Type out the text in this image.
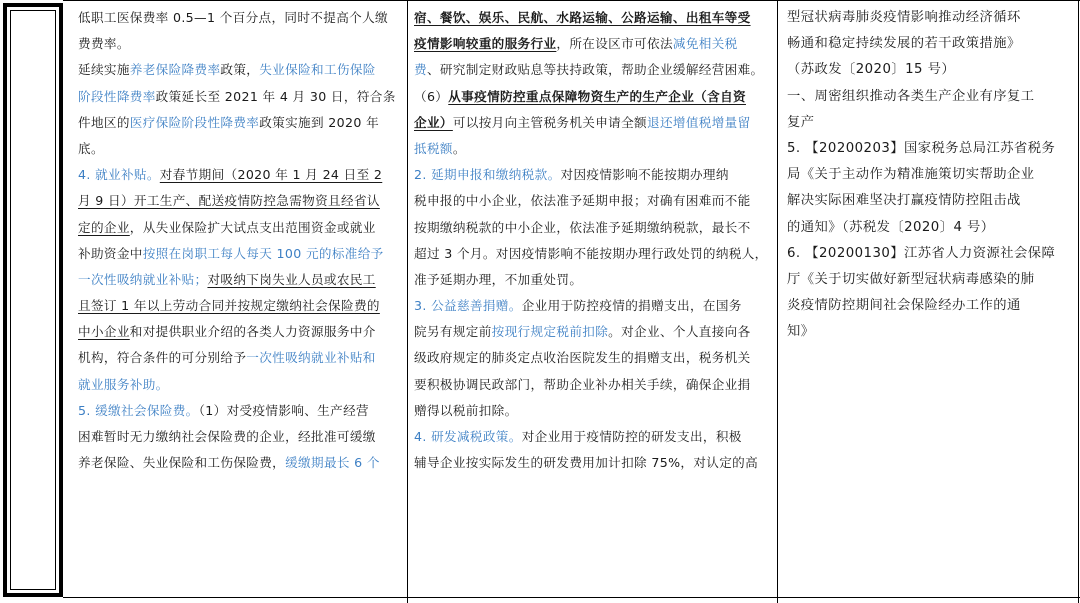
低职工医保费率 0.5—1 个百分点，同时不提高个人缴
费费率。
延续实施养老保险降费率政策，失业保险和工伤保险
阶段性降费率政策延长至 2021 年 4 月 30 日，符合条
件地区的医疗保险阶段性降费率政策实施到 2020 年
底。
4. 就业补贴。对春节期间（2020 年 1 月 24 日至 2
月 9 日）开工生产、配送疫情防控急需物资且经省认
定的企业，从失业保险扩大试点支出范围资金或就业
补助资金中按照在岗职工每人每天 100 元的标准给予
一次性吸纳就业补贴；对吸纳下岗失业人员或农民工
且签订 1 年以上劳动合同并按规定缴纳社会保险费的
中小企业和对提供职业介绍的各类人力资源服务中介
机构，符合条件的可分别给予一次性吸纳就业补贴和
就业服务补助。
5. 缓缴社会保险费。（1）对受疫情影响、生产经营
困难暂时无力缴纳社会保险费的企业，经批准可缓缴
养老保险、失业保险和工伤保险费，缓缴期最长 6 个
宿、餐饮、娱乐、民航、水路运输、公路运输、出租车等受
疫情影响较重的服务行业，所在设区市可依法减免相关税
费、研究制定财政贴息等扶持政策，帮助企业缓解经营困难。
（6）从事疫情防控重点保障物资生产的生产企业（含自资
企业）可以按月向主管税务机关申请全额退还增值税增量留
抵税额。
2. 延期申报和缴纳税款。对因疫情影响不能按期办理纳
税申报的中小企业，依法准予延期申报；对确有困难而不能
按期缴纳税款的中小企业，依法准予延期缴纳税款，最长不
超过 3 个月。对因疫情影响不能按期办理行政处罚的纳税人，
准予延期办理，不加重处罚。
3. 公益慈善捐赠。企业用于防控疫情的捐赠支出，在国务
院另有规定前按现行规定税前扣除。对企业、个人直接向各
级政府规定的肺炎定点收治医院发生的捐赠支出，税务机关
要积极协调民政部门，帮助企业补办相关手续，确保企业捐
赠得以税前扣除。
4. 研发减税政策。对企业用于疫情防控的研发支出，积极
辅导企业按实际发生的研发费用加计扣除 75%，对认定的高
型冠状病毒肺炎疫情影响推动经济循环
畅通和稳定持续发展的若干政策措施》
（苏政发〔2020〕15 号）
一、周密组织推动各类生产企业有序复工
复产
5. 【20200203】国家税务总局江苏省税务
局《关于主动作为精准施策切实帮助企业
解决实际困难坚决打赢疫情防控阻击战
的通知》（苏税发〔2020〕4 号）
6. 【20200130】江苏省人力资源社会保障
厅《关于切实做好新型冠状病毒感染的肺
炎疫情防控期间社会保险经办工作的通
知》
